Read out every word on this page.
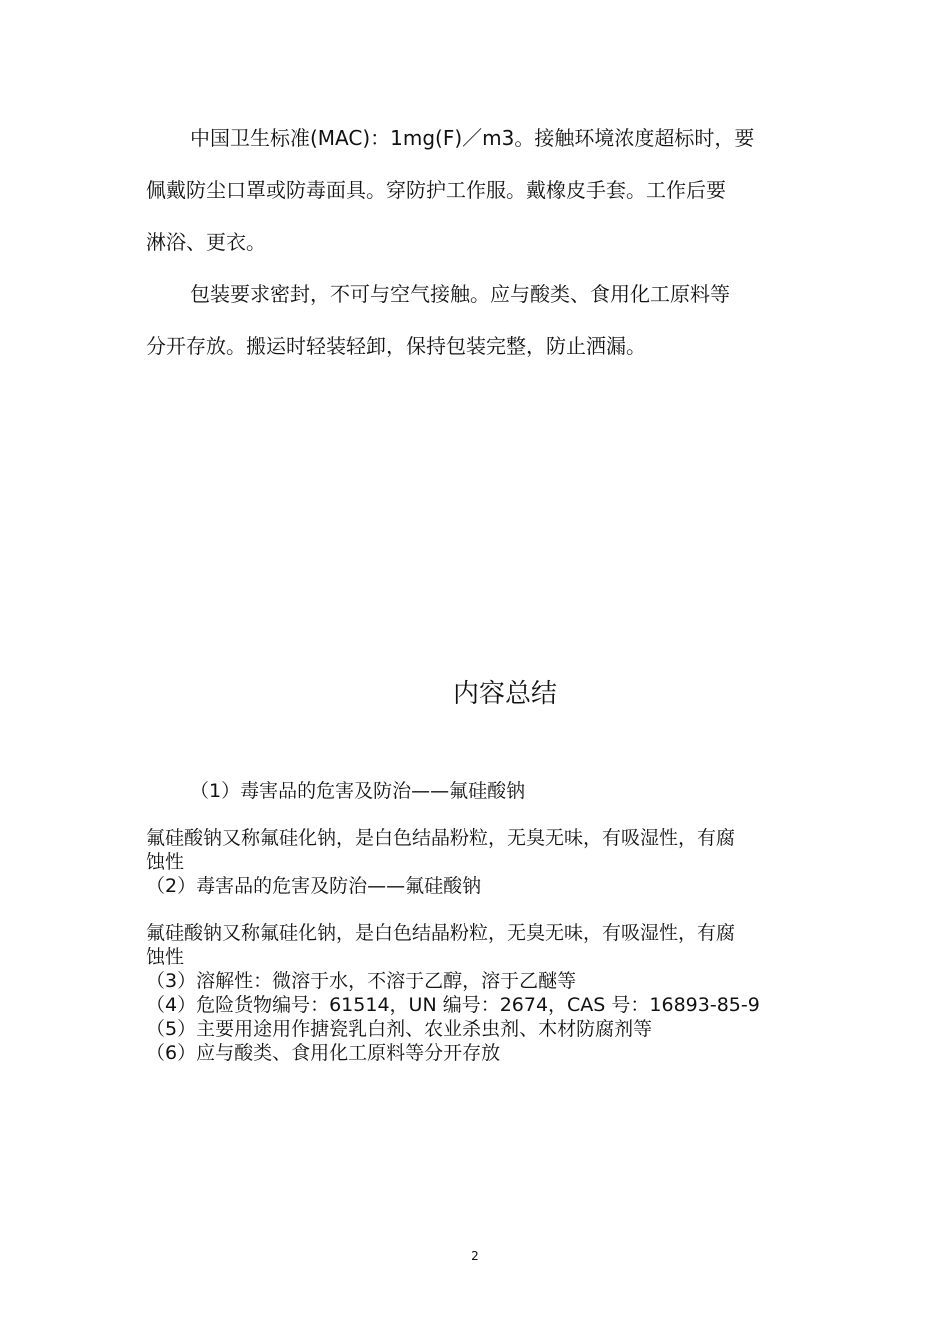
中国卫生标准(MAC)：1mg(F)／m3。接触环境浓度超标时，要
佩戴防尘口罩或防毒面具。穿防护工作服。戴橡皮手套。工作后要
淋浴、更衣。

包装要求密封，不可与空气接触。应与酸类、食用化工原料等
分开存放。搬运时轻装轻卸，保持包装完整，防止洒漏。

内容总结
（1）毒害品的危害及防治——氟硅酸钠
氟硅酸钠又称氟硅化钠，是白色结晶粉粒，无臭无味，有吸湿性，有腐
蚀性
（2）毒害品的危害及防治——氟硅酸钠
氟硅酸钠又称氟硅化钠，是白色结晶粉粒，无臭无味，有吸湿性，有腐
蚀性
（3）溶解性：微溶于水，不溶于乙醇，溶于乙醚等
（4）危险货物编号：61514，UN 编号：2674，CAS 号：16893-85-9
（5）主要用途用作搪瓷乳白剂、农业杀虫剂、木材防腐剂等
（6）应与酸类、食用化工原料等分开存放
2
